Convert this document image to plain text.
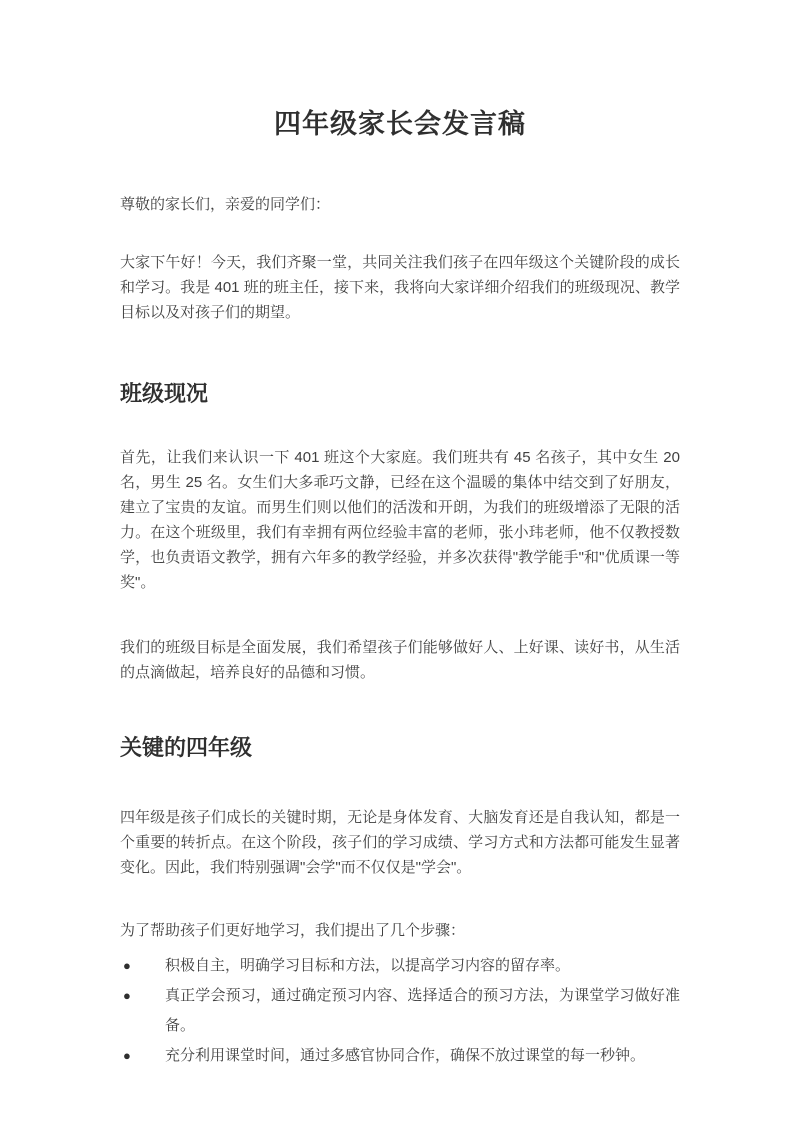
四年级家长会发言稿

尊敬的家长们，亲爱的同学们：

大家下午好！今天，我们齐聚一堂，共同关注我们孩子在四年级这个关键阶段的成长和学习。我是 401 班的班主任，接下来，我将向大家详细介绍我们的班级现况、教学目标以及对孩子们的期望。

班级现况

首先，让我们来认识一下 401 班这个大家庭。我们班共有 45 名孩子，其中女生 20 名，男生 25 名。女生们大多乖巧文静，已经在这个温暖的集体中结交到了好朋友，建立了宝贵的友谊。而男生们则以他们的活泼和开朗，为我们的班级增添了无限的活力。在这个班级里，我们有幸拥有两位经验丰富的老师，张小玮老师，他不仅教授数学，也负责语文教学，拥有六年多的教学经验，并多次获得"教学能手"和"优质课一等奖"。

我们的班级目标是全面发展，我们希望孩子们能够做好人、上好课、读好书，从生活的点滴做起，培养良好的品德和习惯。

关键的四年级

四年级是孩子们成长的关键时期，无论是身体发育、大脑发育还是自我认知，都是一个重要的转折点。在这个阶段，孩子们的学习成绩、学习方式和方法都可能发生显著变化。因此，我们特别强调"会学"而不仅仅是"学会"。

为了帮助孩子们更好地学习，我们提出了几个步骤：

●	积极自主，明确学习目标和方法，以提高学习内容的留存率。
●	真正学会预习，通过确定预习内容、选择适合的预习方法，为课堂学习做好准备。
●	充分利用课堂时间，通过多感官协同合作，确保不放过课堂的每一秒钟。
